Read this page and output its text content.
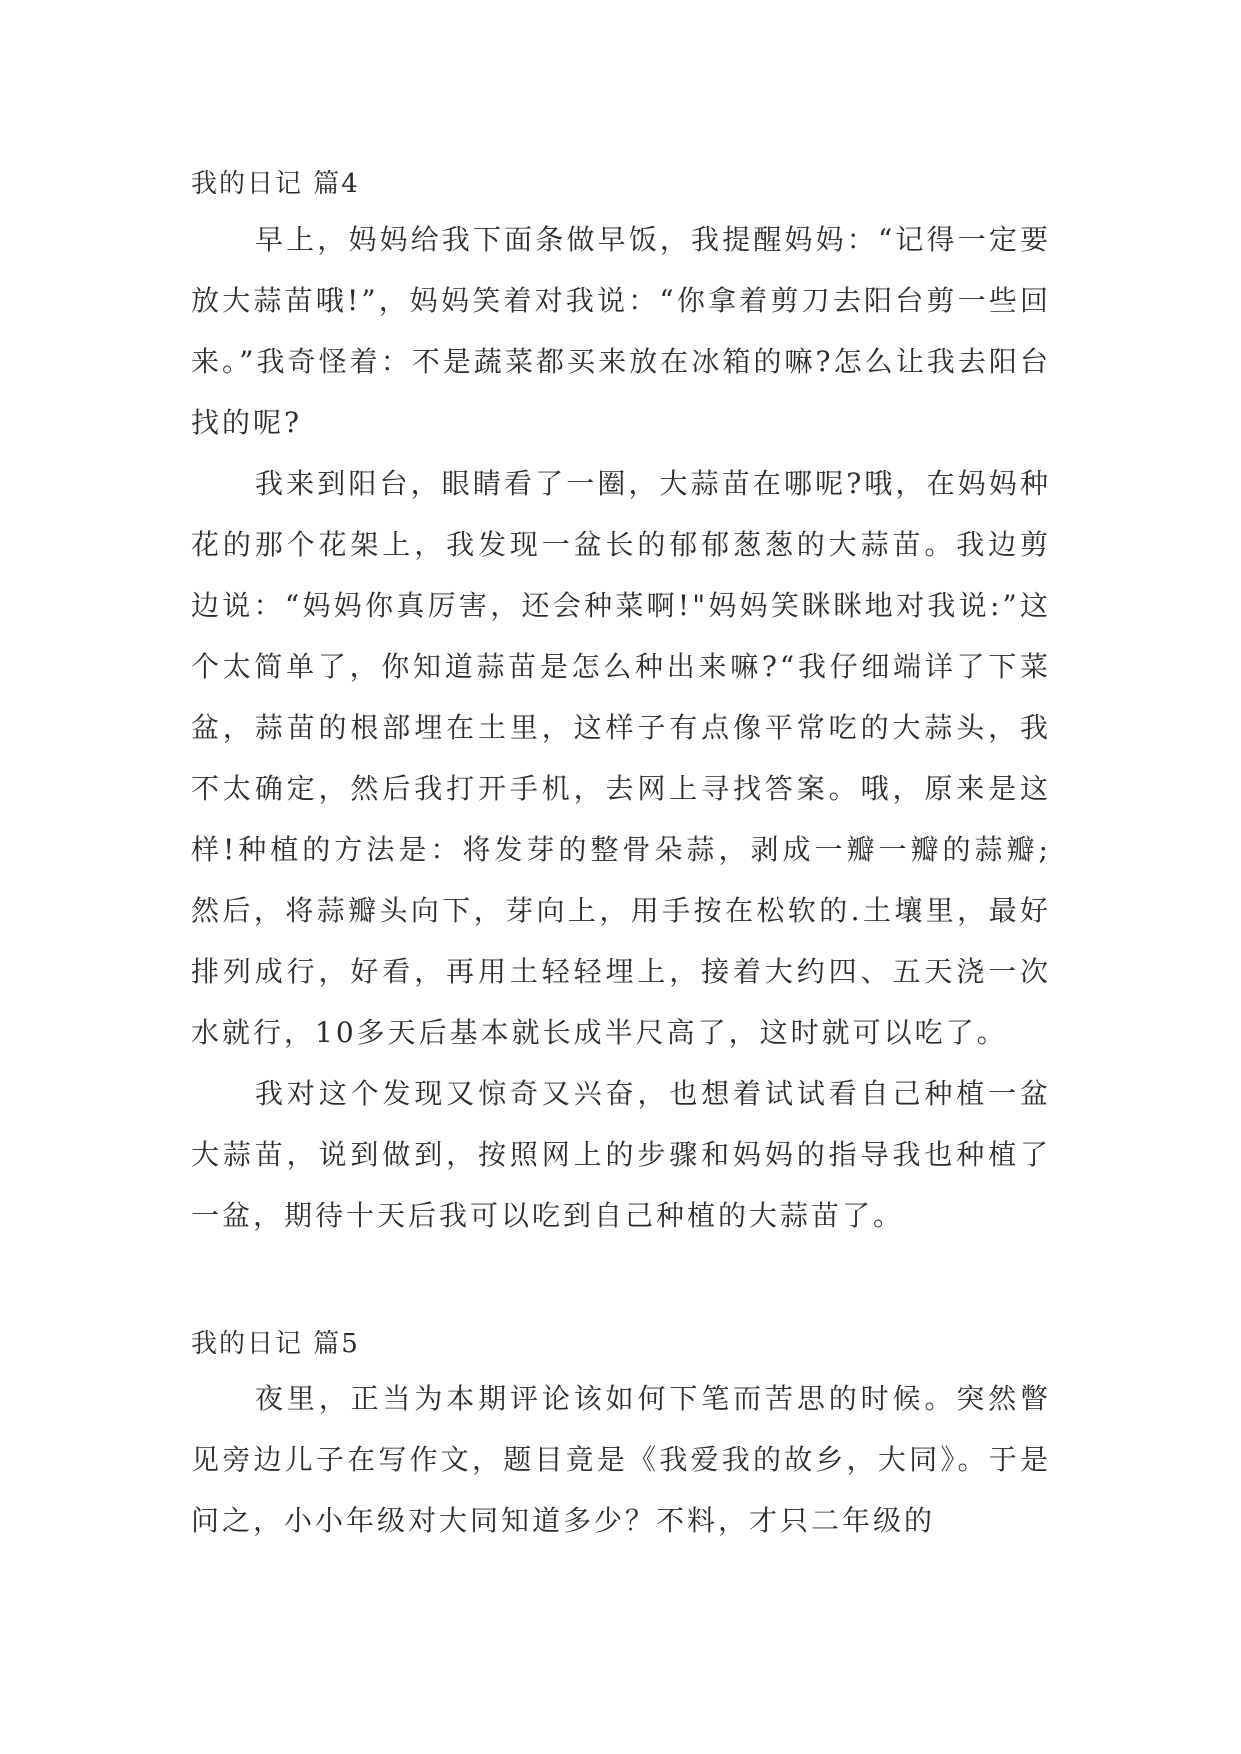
我的日记 篇4

早上，妈妈给我下面条做早饭，我提醒妈妈：“记得一定要放大蒜苗哦!”，妈妈笑着对我说：“你拿着剪刀去阳台剪一些回来。”我奇怪着：不是蔬菜都买来放在冰箱的嘛?怎么让我去阳台找的呢?

我来到阳台，眼睛看了一圈，大蒜苗在哪呢?哦，在妈妈种花的那个花架上，我发现一盆长的郁郁葱葱的大蒜苗。我边剪边说：“妈妈你真厉害，还会种菜啊!"妈妈笑眯眯地对我说:”这个太简单了，你知道蒜苗是怎么种出来嘛?“我仔细端详了下菜盆，蒜苗的根部埋在土里，这样子有点像平常吃的大蒜头，我不太确定，然后我打开手机，去网上寻找答案。哦，原来是这样!种植的方法是：将发芽的整骨朵蒜，剥成一瓣一瓣的蒜瓣;然后，将蒜瓣头向下，芽向上，用手按在松软的.土壤里，最好排列成行，好看，再用土轻轻埋上，接着大约四、五天浇一次水就行，10多天后基本就长成半尺高了，这时就可以吃了。

我对这个发现又惊奇又兴奋，也想着试试看自己种植一盆大蒜苗，说到做到，按照网上的步骤和妈妈的指导我也种植了一盆，期待十天后我可以吃到自己种植的大蒜苗了。

我的日记 篇5

夜里，正当为本期评论该如何下笔而苦思的时候。突然瞥见旁边儿子在写作文，题目竟是《我爱我的故乡，大同》。于是问之，小小年级对大同知道多少？不料，才只二年级的
